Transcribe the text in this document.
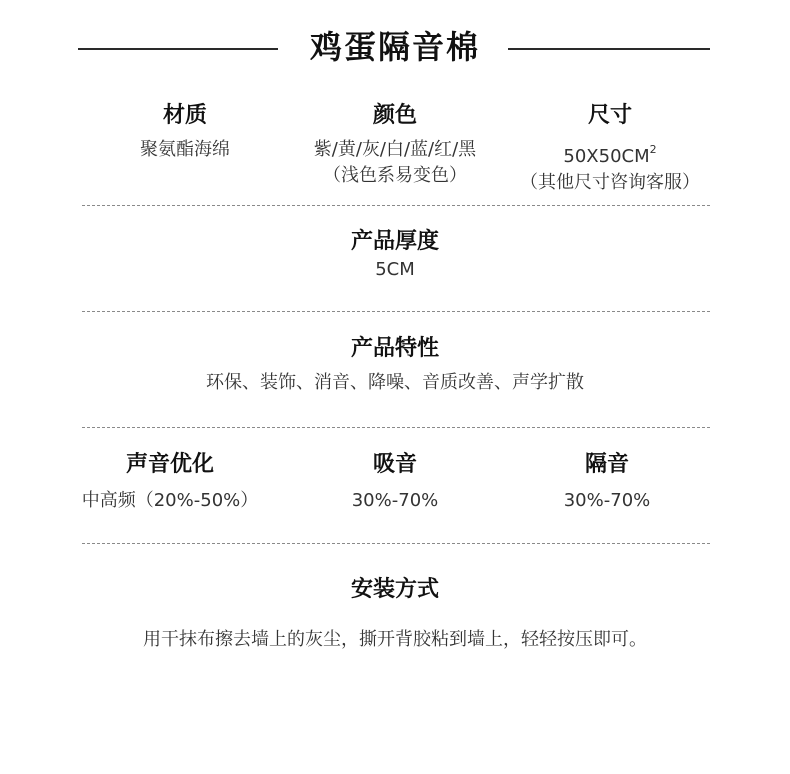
鸡蛋隔音棉
材质
聚氨酯海绵
颜色
紫/黄/灰/白/蓝/红/黑
（浅色系易变色）
尺寸
$50X50CM^2$
（其他尺寸咨询客服）
产品厚度
5CM
产品特性
环保、装饰、消音、降噪、音质改善、声学扩散
声音优化
中高频（20%-50%）
吸音
30%-70%
隔音
30%-70%
安装方式
用干抹布擦去墙上的灰尘，撕开背胶粘到墙上，轻轻按压即可。
